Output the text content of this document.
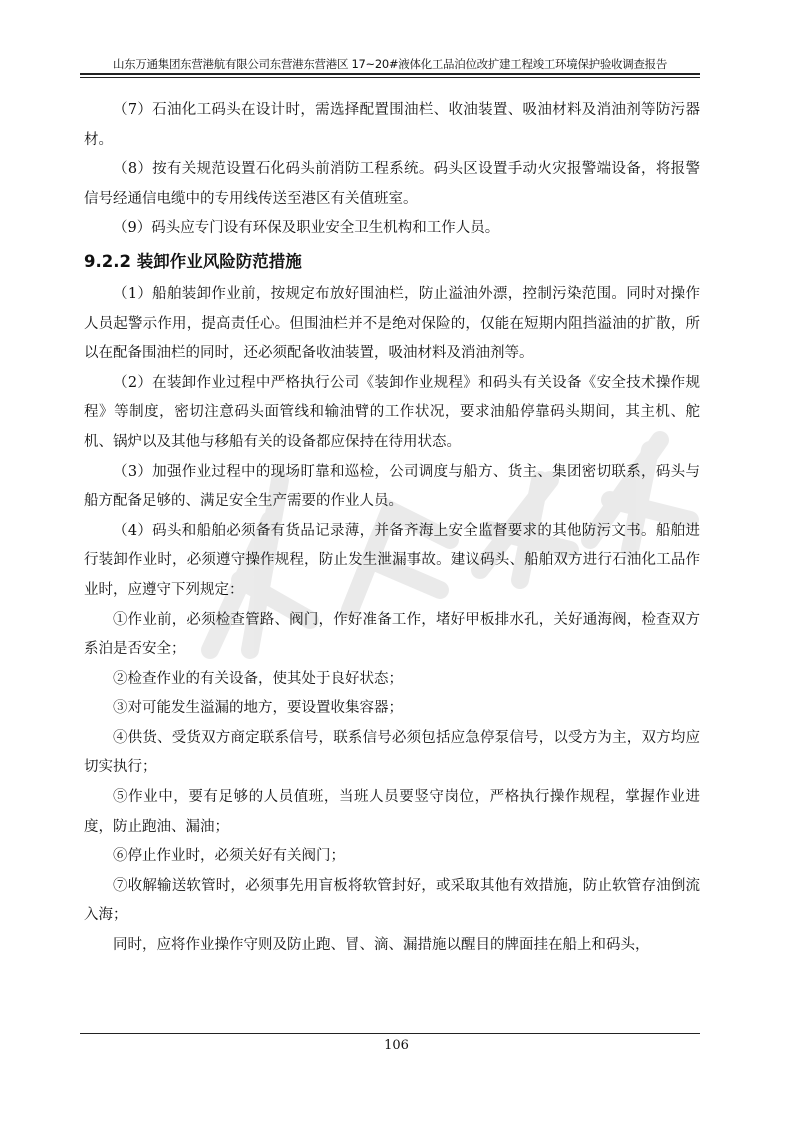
山东万通集团东营港航有限公司东营港东营港区 17~20#液体化工品泊位改扩建工程竣工环境保护验收调查报告

（7）石油化工码头在设计时，需选择配置围油栏、收油装置、吸油材料及消油剂等防污器材。

（8）按有关规范设置石化码头前消防工程系统。码头区设置手动火灾报警端设备，将报警信号经通信电缆中的专用线传送至港区有关值班室。

（9）码头应专门设有环保及职业安全卫生机构和工作人员。

9.2.2 装卸作业风险防范措施

（1）船舶装卸作业前，按规定布放好围油栏，防止溢油外漂，控制污染范围。同时对操作人员起警示作用，提高责任心。但围油栏并不是绝对保险的，仅能在短期内阻挡溢油的扩散，所以在配备围油栏的同时，还必须配备收油装置，吸油材料及消油剂等。

（2）在装卸作业过程中严格执行公司《装卸作业规程》和码头有关设备《安全技术操作规程》等制度，密切注意码头面管线和输油臂的工作状况，要求油船停靠码头期间，其主机、舵机、锅炉以及其他与移船有关的设备都应保持在待用状态。

（3）加强作业过程中的现场盯靠和巡检，公司调度与船方、货主、集团密切联系，码头与船方配备足够的、满足安全生产需要的作业人员。

（4）码头和船舶必须备有货品记录薄，并备齐海上安全监督要求的其他防污文书。船舶进行装卸作业时，必须遵守操作规程，防止发生泄漏事故。建议码头、船舶双方进行石油化工品作业时，应遵守下列规定：

①作业前，必须检查管路、阀门，作好准备工作，堵好甲板排水孔，关好通海阀，检查双方系泊是否安全；

②检查作业的有关设备，使其处于良好状态；

③对可能发生溢漏的地方，要设置收集容器；

④供货、受货双方商定联系信号，联系信号必须包括应急停泵信号，以受方为主，双方均应切实执行；

⑤作业中，要有足够的人员值班，当班人员要竖守岗位，严格执行操作规程，掌握作业进度，防止跑油、漏油；

⑥停止作业时，必须关好有关阀门；

⑦收解输送软管时，必须事先用盲板将软管封好，或采取其他有效措施，防止软管存油倒流入海；

同时，应将作业操作守则及防止跑、冒、滴、漏措施以醒目的牌面挂在船上和码头，

106
